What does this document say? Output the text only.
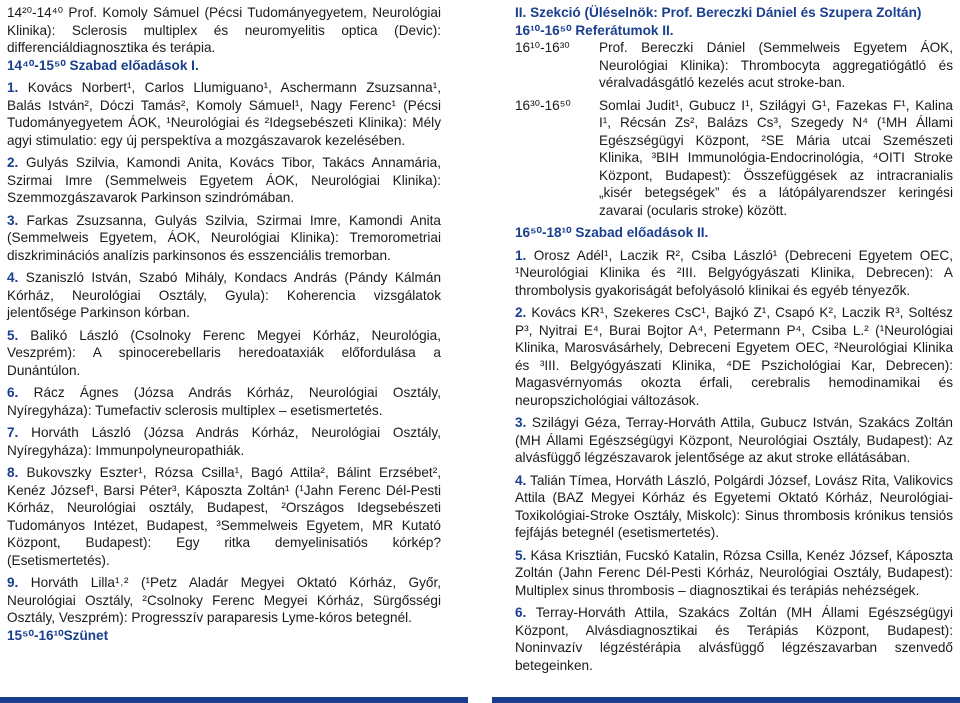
14²⁰-14⁴⁰ Prof. Komoly Sámuel (Pécsi Tudományegyetem, Neurológiai Klinika): Sclerosis multiplex és neuromyelitis optica (Devic): differenciáldiagnosztika és terápia.
14⁴⁰-15⁵⁰ Szabad előadások I.
1. Kovács Norbert¹, Carlos Llumiguano¹, Aschermann Zsuzsanna¹, Balás István², Dóczi Tamás², Komoly Sámuel¹, Nagy Ferenc¹ (Pécsi Tudományegyetem ÁOK, ¹Neurológiai és ²Idegsebészeti Klinika): Mély agyi stimulatio: egy új perspektíva a mozgászavarok kezelésében.
2. Gulyás Szilvia, Kamondi Anita, Kovács Tibor, Takács Annamária, Szirmai Imre (Semmelweis Egyetem ÁOK, Neurológiai Klinika): Szemmozgászavarok Parkinson szindrómában.
3. Farkas Zsuzsanna, Gulyás Szilvia, Szirmai Imre, Kamondi Anita (Semmelweis Egyetem, ÁOK, Neurológiai Klinika): Tremorometriai diszkriminációs analízis parkinsonos és esszenciális tremorban.
4. Szaniszló István, Szabó Mihály, Kondacs András (Pándy Kálmán Kórház, Neurológiai Osztály, Gyula): Koherencia vizsgálatok jelentősége Parkinson kórban.
5. Balikó László (Csolnoky Ferenc Megyei Kórház, Neurológia, Veszprém): A spinocerebellaris heredoataxiák előfordulása a Dunántúlon.
6. Rácz Ágnes (Józsa András Kórház, Neurológiai Osztály, Nyíregyháza): Tumefactiv sclerosis multiplex – esetismertetés.
7. Horváth László (Józsa András Kórház, Neurológiai Osztály, Nyíregyháza): Immunpolyneuropathiák.
8. Bukovszky Eszter¹, Rózsa Csilla¹, Bagó Attila², Bálint Erzsébet², Kenéz József¹, Barsi Péter³, Káposzta Zoltán¹ (¹Jahn Ferenc Dél-Pesti Kórház, Neurológiai osztály, Budapest, ²Országos Idegsebészeti Tudományos Intézet, Budapest, ³Semmelweis Egyetem, MR Kutató Központ, Budapest): Egy ritka demyelinisatiós kórkép? (Esetismertetés).
9. Horváth Lilla¹˒² (¹Petz Aladár Megyei Oktató Kórház, Győr, Neurológiai Osztály, ²Csolnoky Ferenc Megyei Kórház, Sürgősségi Osztály, Veszprém): Progresszív paraparesis Lyme-kóros betegnél.
15⁵⁰-16¹⁰Szünet
II. Szekció (Üléselnök: Prof. Bereczki Dániel és Szupera Zoltán)
16¹⁰-16⁵⁰ Referátumok II.
16¹⁰-16³⁰	Prof. Bereczki Dániel (Semmelweis Egyetem ÁOK, Neurológiai Klinika): Thrombocyta aggregatiógátló és véralvadásgátló kezelés acut stroke-ban.
16³⁰-16⁵⁰	Somlai Judit¹, Gubucz I¹, Szilágyi G¹, Fazekas F¹, Kalina I¹, Récsán Zs², Balázs Cs³, Szegedy N⁴ (¹MH Állami Egészségügyi Központ, ²SE Mária utcai Szemészeti Klinika, ³BIH Immunológia-Endocrinológia, ⁴OITI Stroke Központ, Budapest): Összefüggések az intracranialis „kisér betegségek” és a látópályarendszer keringési zavarai (ocularis stroke) között.
16⁵⁰-18¹⁰ Szabad előadások II.
1. Orosz Adél¹, Laczik R², Csiba László¹ (Debreceni Egyetem OEC, ¹Neurológiai Klinika és ²III. Belgyógyászati Klinika, Debrecen): A thrombolysis gyakoriságát befolyásoló klinikai és egyéb tényezők.
2. Kovács KR¹, Szekeres CsC¹, Bajkó Z¹, Csapó K², Laczik R³, Soltész P³, Nyitrai E⁴, Burai Bojtor A⁴, Petermann P⁴, Csiba L.² (¹Neurológiai Klinika, Marosvásárhely, Debreceni Egyetem OEC, ²Neurológiai Klinika és ³III. Belgyógyászati Klinika, ⁴DE Pszichológiai Kar, Debrecen): Magasvérnyomás okozta érfali, cerebralis hemodinamikai és neuropszichológiai változások.
3. Szilágyi Géza, Terray-Horváth Attila, Gubucz István, Szakács Zoltán (MH Állami Egészségügyi Központ, Neurológiai Osztály, Budapest): Az alvásfüggő légzészavarok jelentősége az akut stroke ellátásában.
4. Talián Tímea, Horváth László, Polgárdi József, Lovász Rita, Valikovics Attila (BAZ Megyei Kórház és Egyetemi Oktató Kórház, Neurológiai-Toxikológiai-Stroke Osztály, Miskolc): Sinus thrombosis krónikus tensiós fejfájás betegnél (esetismertetés).
5. Kása Krisztián, Fucskó Katalin, Rózsa Csilla, Kenéz József, Káposzta Zoltán (Jahn Ferenc Dél-Pesti Kórház, Neurológiai Osztály, Budapest): Multiplex sinus thrombosis – diagnosztikai és terápiás nehézségek.
6. Terray-Horváth Attila, Szakács Zoltán (MH Állami Egészségügyi Központ, Alvásdiagnosztikai és Terápiás Központ, Budapest): Noninvazív légzéstérápia alvásfüggő légzészavarban szenvedő betegeinken.
